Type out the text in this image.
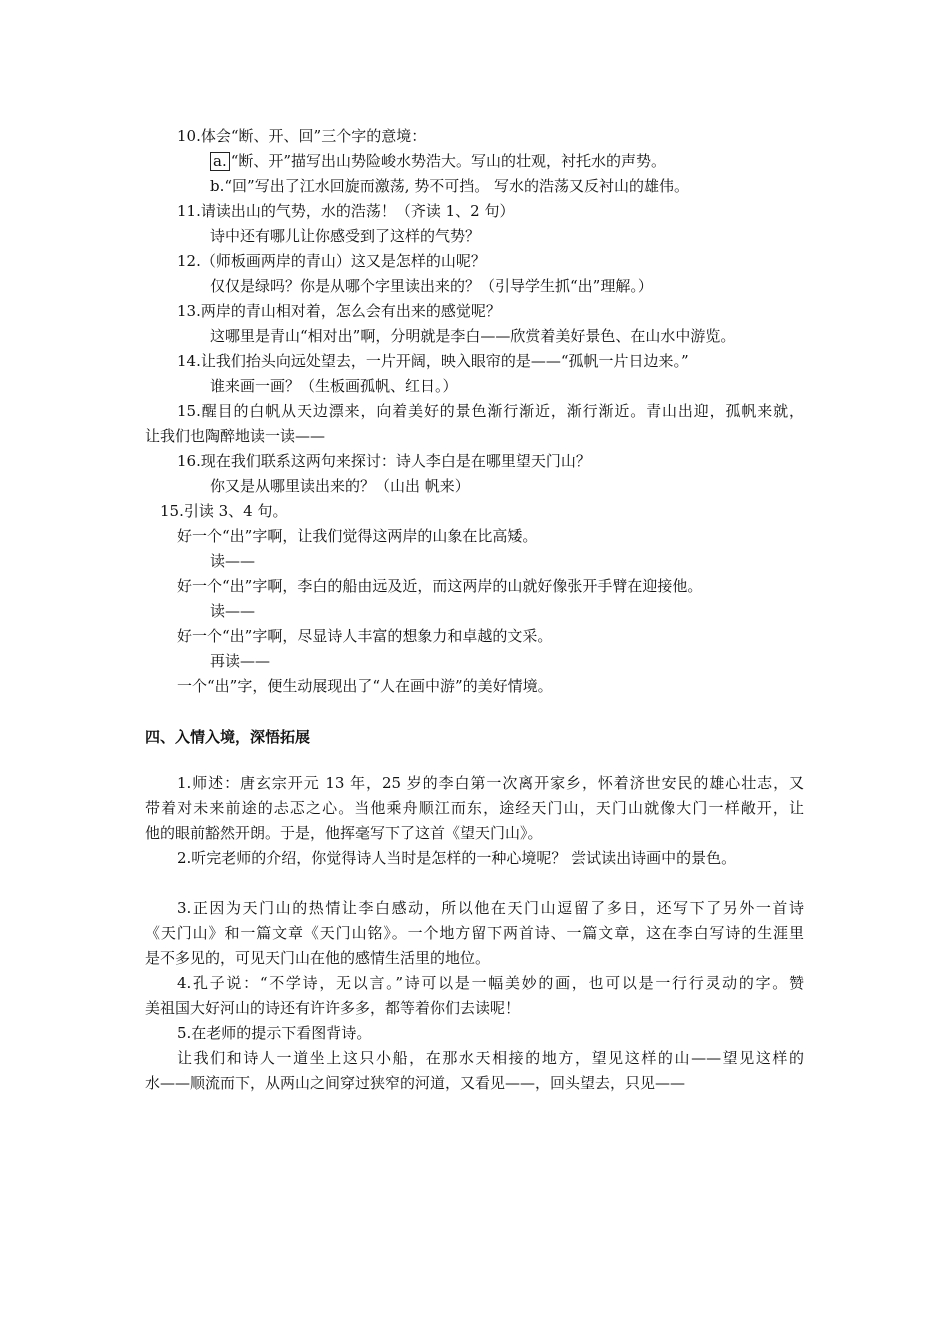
10.体会“断、开、回”三个字的意境：
a. “断、开”描写出山势险峻水势浩大。写山的壮观，衬托水的声势。
b.“回”写出了江水回旋而激荡, 势不可挡。 写水的浩荡又反衬山的雄伟。
11.请读出山的气势，水的浩荡！（齐读 1、2 句）
诗中还有哪儿让你感受到了这样的气势？
12.（师板画两岸的青山）这又是怎样的山呢？
仅仅是绿吗？你是从哪个字里读出来的？（引导学生抓“出”理解。）
13.两岸的青山相对着，怎么会有出来的感觉呢？
这哪里是青山“相对出”啊，分明就是李白——欣赏着美好景色、在山水中游览。
14.让我们抬头向远处望去，一片开阔，映入眼帘的是——“孤帆一片日边来。”
谁来画一画？（生板画孤帆、红日。）
15.醒目的白帆从天边漂来，向着美好的景色渐行渐近，渐行渐近。青山出迎，孤帆来就，
让我们也陶醉地读一读——
16.现在我们联系这两句来探讨：诗人李白是在哪里望天门山？
你又是从哪里读出来的？（山出 帆来）
15.引读 3、4 句。
好一个“出”字啊，让我们觉得这两岸的山象在比高矮。
读——
好一个“出”字啊，李白的船由远及近，而这两岸的山就好像张开手臂在迎接他。
读——
好一个“出”字啊，尽显诗人丰富的想象力和卓越的文采。
再读——
一个“出”字，便生动展现出了“人在画中游”的美好情境。
四、入情入境，深悟拓展
1.师述：唐玄宗开元 13 年，25 岁的李白第一次离开家乡，怀着济世安民的雄心壮志，又
带着对未来前途的忐忑之心。当他乘舟顺江而东，途经天门山，天门山就像大门一样敞开，让
他的眼前豁然开朗。于是，他挥毫写下了这首《望天门山》。
2.听完老师的介绍，你觉得诗人当时是怎样的一种心境呢？ 尝试读出诗画中的景色。
3.正因为天门山的热情让李白感动，所以他在天门山逗留了多日，还写下了另外一首诗
《天门山》和一篇文章《天门山铭》。一个地方留下两首诗、一篇文章，这在李白写诗的生涯里
是不多见的，可见天门山在他的感情生活里的地位。
4.孔子说：“不学诗，无以言。”诗可以是一幅美妙的画，也可以是一行行灵动的字。赞
美祖国大好河山的诗还有许许多多，都等着你们去读呢！
5.在老师的提示下看图背诗。
让我们和诗人一道坐上这只小船，在那水天相接的地方，望见这样的山——望见这样的
水——顺流而下，从两山之间穿过狭窄的河道，又看见——，回头望去，只见——
